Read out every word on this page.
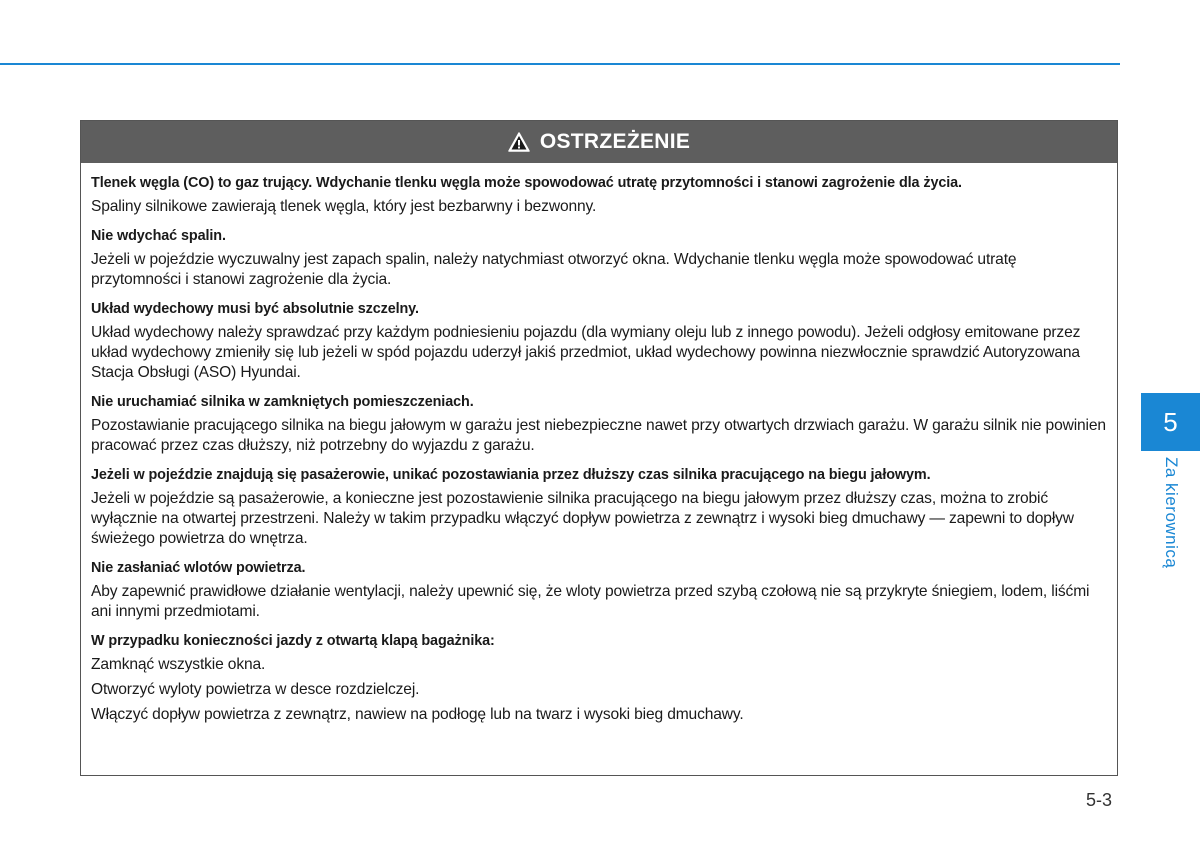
OSTRZEŻENIE
Tlenek węgla (CO) to gaz trujący. Wdychanie tlenku węgla może spowodować utratę przytomności i stanowi zagrożenie dla życia.

Spaliny silnikowe zawierają tlenek węgla, który jest bezbarwny i bezwonny.

Nie wdychać spalin.

Jeżeli w pojeździe wyczuwalny jest zapach spalin, należy natychmiast otworzyć okna. Wdychanie tlenku węgla może spowodować utratę przytomności i stanowi zagrożenie dla życia.

Układ wydechowy musi być absolutnie szczelny.

Układ wydechowy należy sprawdzać przy każdym podniesieniu pojazdu (dla wymiany oleju lub z innego powodu). Jeżeli odgłosy emitowane przez układ wydechowy zmieniły się lub jeżeli w spód pojazdu uderzył jakiś przedmiot, układ wydechowy powinna niezwłocznie sprawdzić Autoryzowana Stacja Obsługi (ASO) Hyundai.

Nie uruchamiać silnika w zamkniętych pomieszczeniach.

Pozostawianie pracującego silnika na biegu jałowym w garażu jest niebezpieczne nawet przy otwartych drzwiach garażu. W garażu silnik nie powinien pracować przez czas dłuższy, niż potrzebny do wyjazdu z garażu.

Jeżeli w pojeździe znajdują się pasażerowie, unikać pozostawiania przez dłuższy czas silnika pracującego na biegu jałowym.

Jeżeli w pojeździe są pasażerowie, a konieczne jest pozostawienie silnika pracującego na biegu jałowym przez dłuższy czas, można to zrobić wyłącznie na otwartej przestrzeni. Należy w takim przypadku włączyć dopływ powietrza z zewnątrz i wysoki bieg dmuchawy — zapewni to dopływ świeżego powietrza do wnętrza.

Nie zasłaniać wlotów powietrza.

Aby zapewnić prawidłowe działanie wentylacji, należy upewnić się, że wloty powietrza przed szybą czołową nie są przykryte śniegiem, lodem, liśćmi ani innymi przedmiotami.

W przypadku konieczności jazdy z otwartą klapą bagażnika:

Zamknąć wszystkie okna.

Otworzyć wyloty powietrza w desce rozdzielczej.

Włączyć dopływ powietrza z zewnątrz, nawiew na podłogę lub na twarz i wysoki bieg dmuchawy.

5
Za kierownicą
5-3
